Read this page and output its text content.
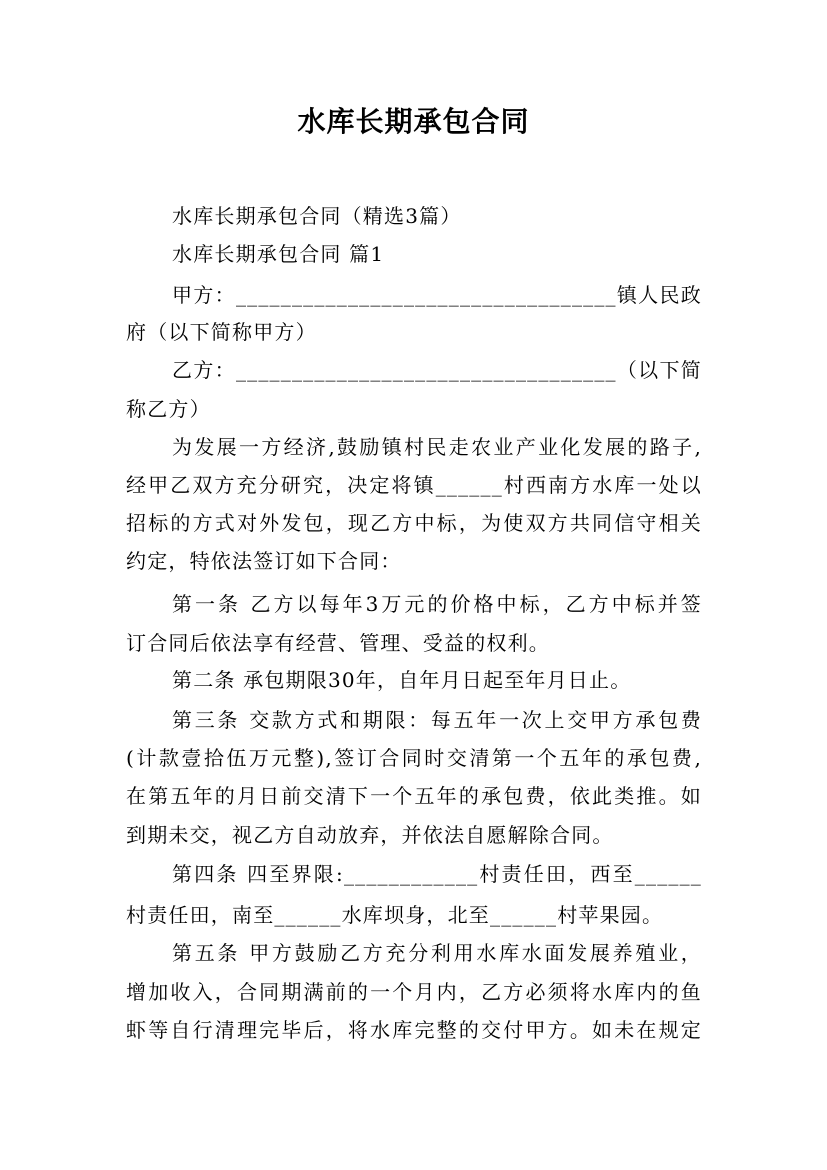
水库长期承包合同
水库长期承包合同（精选3篇）
水库长期承包合同 篇1
甲方：__________________________________镇人民政
府（以下简称甲方）
乙方：__________________________________（以下简
称乙方）
为发展一方经济,鼓励镇村民走农业产业化发展的路子,
经甲乙双方充分研究，决定将镇______村西南方水库一处以
招标的方式对外发包，现乙方中标，为使双方共同信守相关
约定，特依法签订如下合同：
第一条 乙方以每年3万元的价格中标，乙方中标并签
订合同后依法享有经营、管理、受益的权利。
第二条 承包期限30年，自年月日起至年月日止。
第三条 交款方式和期限：每五年一次上交甲方承包费
(计款壹拾伍万元整),签订合同时交清第一个五年的承包费,
在第五年的月日前交清下一个五年的承包费，依此类推。如
到期未交，视乙方自动放弃，并依法自愿解除合同。
第四条 四至界限:____________村责任田，西至______
村责任田，南至______水库坝身，北至______村苹果园。
第五条 甲方鼓励乙方充分利用水库水面发展养殖业，
增加收入，合同期满前的一个月内，乙方必须将水库内的鱼
虾等自行清理完毕后，将水库完整的交付甲方。如未在规定
